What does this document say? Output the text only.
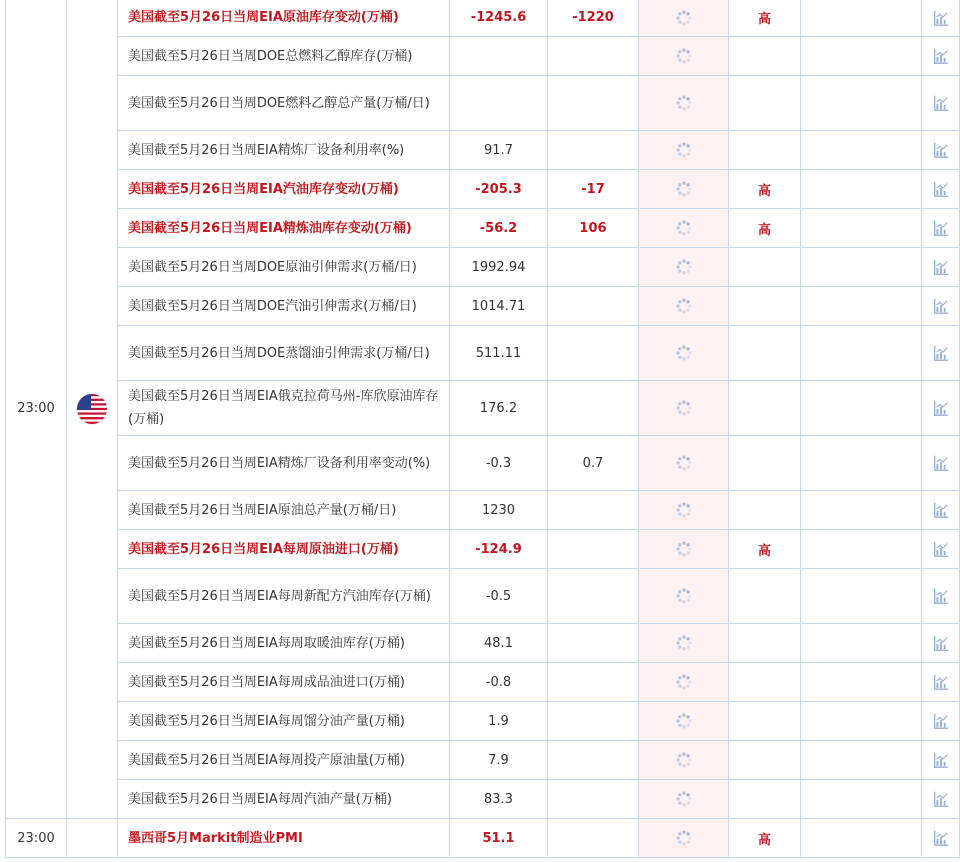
23:00		美国截至5月26日当周EIA原油库存变动(万桶)	-1245.6	-1220		高		
		美国截至5月26日当周DOE总燃料乙醇库存(万桶)						
		美国截至5月26日当周DOE燃料乙醇总产量(万桶/日)						
		美国截至5月26日当周EIA精炼厂设备利用率(%)	91.7					
		美国截至5月26日当周EIA汽油库存变动(万桶)	-205.3	-17		高		
		美国截至5月26日当周EIA精炼油库存变动(万桶)	-56.2	106		高		
		美国截至5月26日当周DOE原油引伸需求(万桶/日)	1992.94					
		美国截至5月26日当周DOE汽油引伸需求(万桶/日)	1014.71					
		美国截至5月26日当周DOE蒸馏油引伸需求(万桶/日)	511.11					
		美国截至5月26日当周EIA俄克拉荷马州-库欣原油库存(万桶)	176.2					
		美国截至5月26日当周EIA精炼厂设备利用率变动(%)	-0.3	0.7				
		美国截至5月26日当周EIA原油总产量(万桶/日)	1230					
		美国截至5月26日当周EIA每周原油进口(万桶)	-124.9			高		
		美国截至5月26日当周EIA每周新配方汽油库存(万桶)	-0.5					
		美国截至5月26日当周EIA每周取暖油库存(万桶)	48.1					
		美国截至5月26日当周EIA每周成品油进口(万桶)	-0.8					
		美国截至5月26日当周EIA每周馏分油产量(万桶)	1.9					
		美国截至5月26日当周EIA每周投产原油量(万桶)	7.9					
		美国截至5月26日当周EIA每周汽油产量(万桶)	83.3					
23:00		墨西哥5月Markit制造业PMI	51.1			高		
